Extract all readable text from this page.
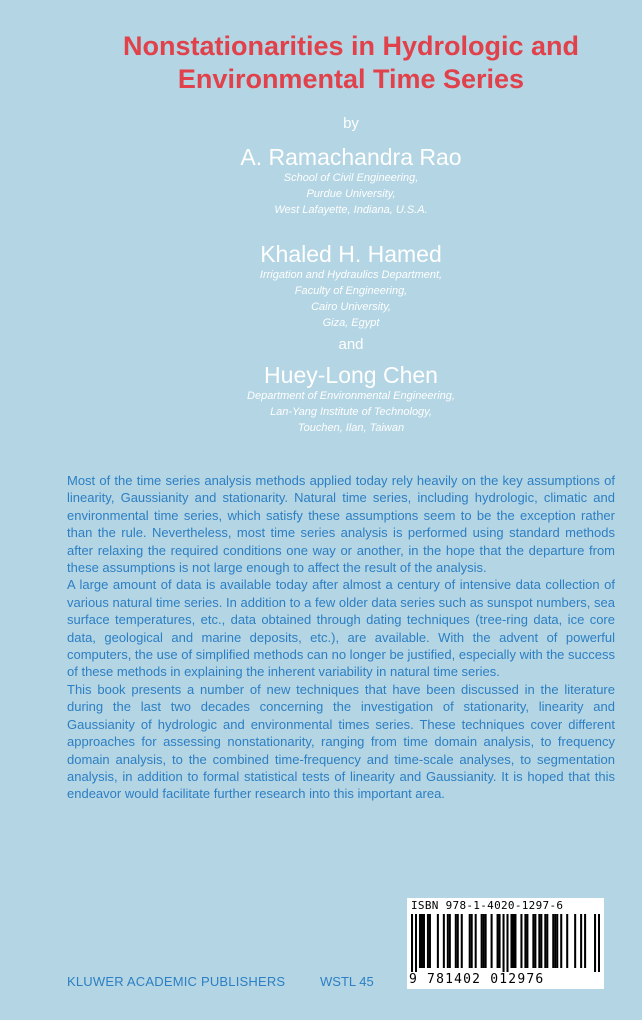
Nonstationarities in Hydrologic and
Environmental Time Series
by
A. Ramachandra Rao
School of Civil Engineering,
Purdue University,
West Lafayette, Indiana, U.S.A.
Khaled H. Hamed
Irrigation and Hydraulics Department,
Faculty of Engineering,
Cairo University,
Giza, Egypt
and
Huey-Long Chen
Department of Environmental Engineering,
Lan-Yang Institute of Technology,
Touchen, Ilan, Taiwan

Most of the time series analysis methods applied today rely heavily on the key assumptions of linearity, Gaussianity and stationarity. Natural time series, including hydrologic, climatic and environmental time series, which satisfy these assumptions seem to be the exception rather than the rule. Nevertheless, most time series analysis is performed using standard methods after relaxing the required conditions one way or another, in the hope that the departure from these assumptions is not large enough to affect the result of the analysis.

A large amount of data is available today after almost a century of intensive data collection of various natural time series. In addition to a few older data series such as sunspot numbers, sea surface temperatures, etc., data obtained through dating techniques (tree-ring data, ice core data, geological and marine deposits, etc.), are available. With the advent of powerful computers, the use of simplified methods can no longer be justified, especially with the success of these methods in explaining the inherent variability in natural time series.

This book presents a number of new techniques that have been discussed in the literature during the last two decades concerning the investigation of stationarity, linearity and Gaussianity of hydrologic and environmental times series. These techniques cover different approaches for assessing nonstationarity, ranging from time domain analysis, to frequency domain analysis, to the combined time-frequency and time-scale analyses, to segmentation analysis, in addition to formal statistical tests of linearity and Gaussianity. It is hoped that this endeavor would facilitate further research into this important area.

KLUWER ACADEMIC PUBLISHERS	WSTL 45
ISBN 978-1-4020-1297-6
9 781402 012976
